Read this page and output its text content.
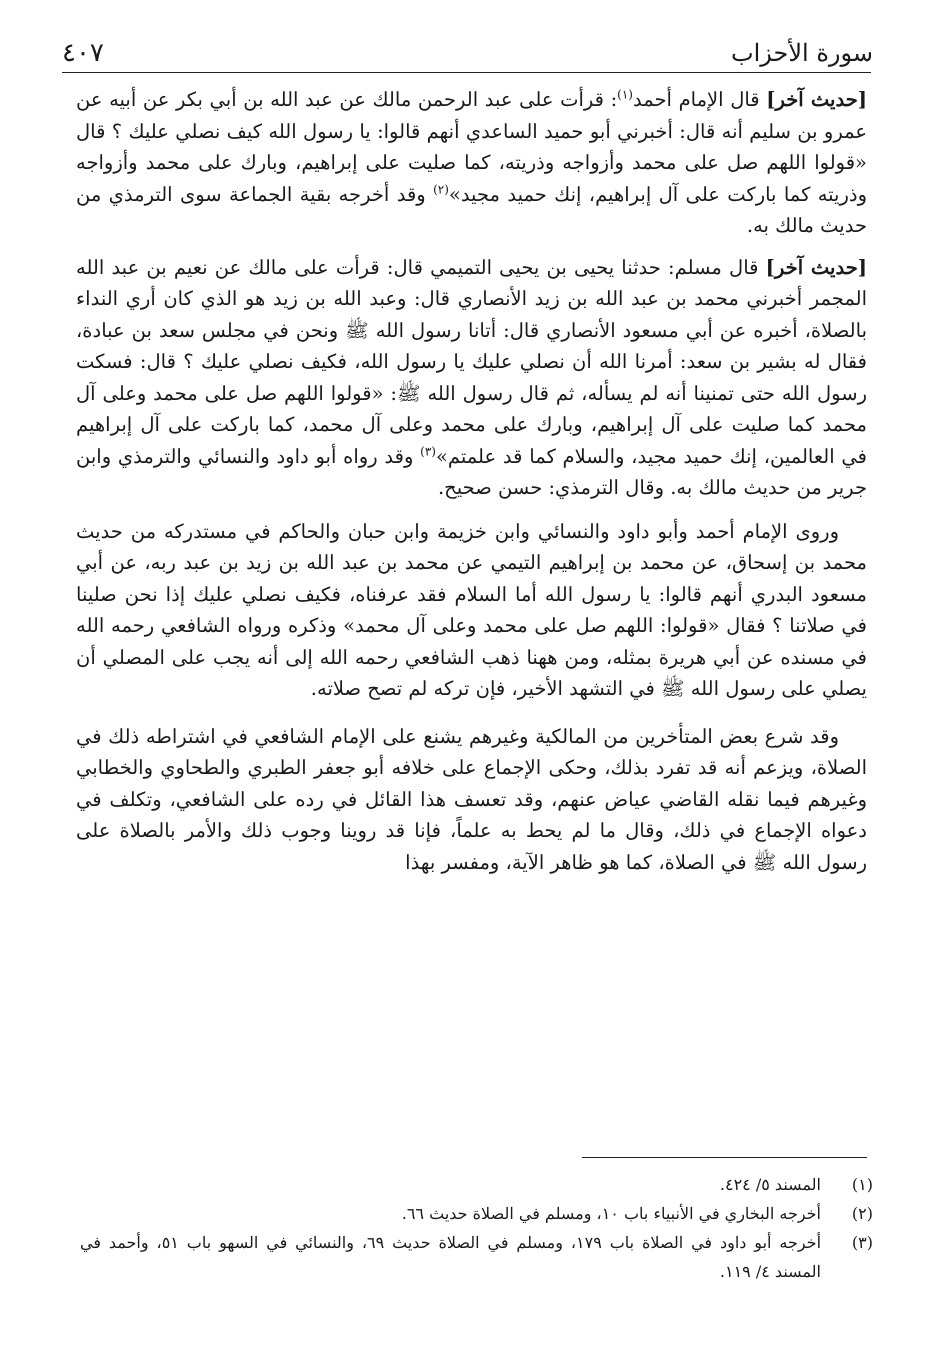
سورة الأحزاب
٤٠٧

[حديث آخر] قال الإمام أحمد$^{(١)}$: قرأت على عبد الرحمن مالك عن عبد الله بن أبي بكر عن أبيه عن عمرو بن سليم أنه قال: أخبرني أبو حميد الساعدي أنهم قالوا: يا رسول الله كيف نصلي عليك ؟ قال «قولوا اللهم صل على محمد وأزواجه وذريته، كما صليت على إبراهيم، وبارك على محمد وأزواجه وذريته كما باركت على آل إبراهيم، إنك حميد مجيد»$^{(٢)}$ وقد أخرجه بقية الجماعة سوى الترمذي من حديث مالك به.

[حديث آخر] قال مسلم: حدثنا يحيى بن يحيى التميمي قال: قرأت على مالك عن نعيم بن عبد الله المجمر أخبرني محمد بن عبد الله بن زيد الأنصاري قال: وعبد الله بن زيد هو الذي كان أري النداء بالصلاة، أخبره عن أبي مسعود الأنصاري قال: أتانا رسول الله ﷺ ونحن في مجلس سعد بن عبادة، فقال له بشير بن سعد: أمرنا الله أن نصلي عليك يا رسول الله، فكيف نصلي عليك ؟ قال: فسكت رسول الله حتى تمنينا أنه لم يسأله، ثم قال رسول الله ﷺ: «قولوا اللهم صل على محمد وعلى آل محمد كما صليت على آل إبراهيم، وبارك على محمد وعلى آل محمد، كما باركت على آل إبراهيم في العالمين، إنك حميد مجيد، والسلام كما قد علمتم»$^{(٣)}$ وقد رواه أبو داود والنسائي والترمذي وابن جرير من حديث مالك به. وقال الترمذي: حسن صحيح.

وروى الإمام أحمد وأبو داود والنسائي وابن خزيمة وابن حبان والحاكم في مستدركه من حديث محمد بن إسحاق، عن محمد بن إبراهيم التيمي عن محمد بن عبد الله بن زيد بن عبد ربه، عن أبي مسعود البدري أنهم قالوا: يا رسول الله أما السلام فقد عرفناه، فكيف نصلي عليك إذا نحن صلينا في صلاتنا ؟ فقال «قولوا: اللهم صل على محمد وعلى آل محمد» وذكره ورواه الشافعي رحمه الله في مسنده عن أبي هريرة بمثله، ومن ههنا ذهب الشافعي رحمه الله إلى أنه يجب على المصلي أن يصلي على رسول الله ﷺ في التشهد الأخير، فإن تركه لم تصح صلاته.

وقد شرع بعض المتأخرين من المالكية وغيرهم يشنع على الإمام الشافعي في اشتراطه ذلك في الصلاة، ويزعم أنه قد تفرد بذلك، وحكى الإجماع على خلافه أبو جعفر الطبري والطحاوي والخطابي وغيرهم فيما نقله القاضي عياض عنهم، وقد تعسف هذا القائل في رده على الشافعي، وتكلف في دعواه الإجماع في ذلك، وقال ما لم يحط به علماً، فإنا قد روينا وجوب ذلك والأمر بالصلاة على رسول الله ﷺ في الصلاة، كما هو ظاهر الآية، ومفسر بهذا

(١)
المسند ٥/ ٤٢٤.
(٢)
أخرجه البخاري في الأنبياء باب ١٠، ومسلم في الصلاة حديث ٦٦.
(٣)
أخرجه أبو داود في الصلاة باب ١٧٩، ومسلم في الصلاة حديث ٦٩، والنسائي في السهو باب ٥١، وأحمد في المسند ٤/ ١١٩.
